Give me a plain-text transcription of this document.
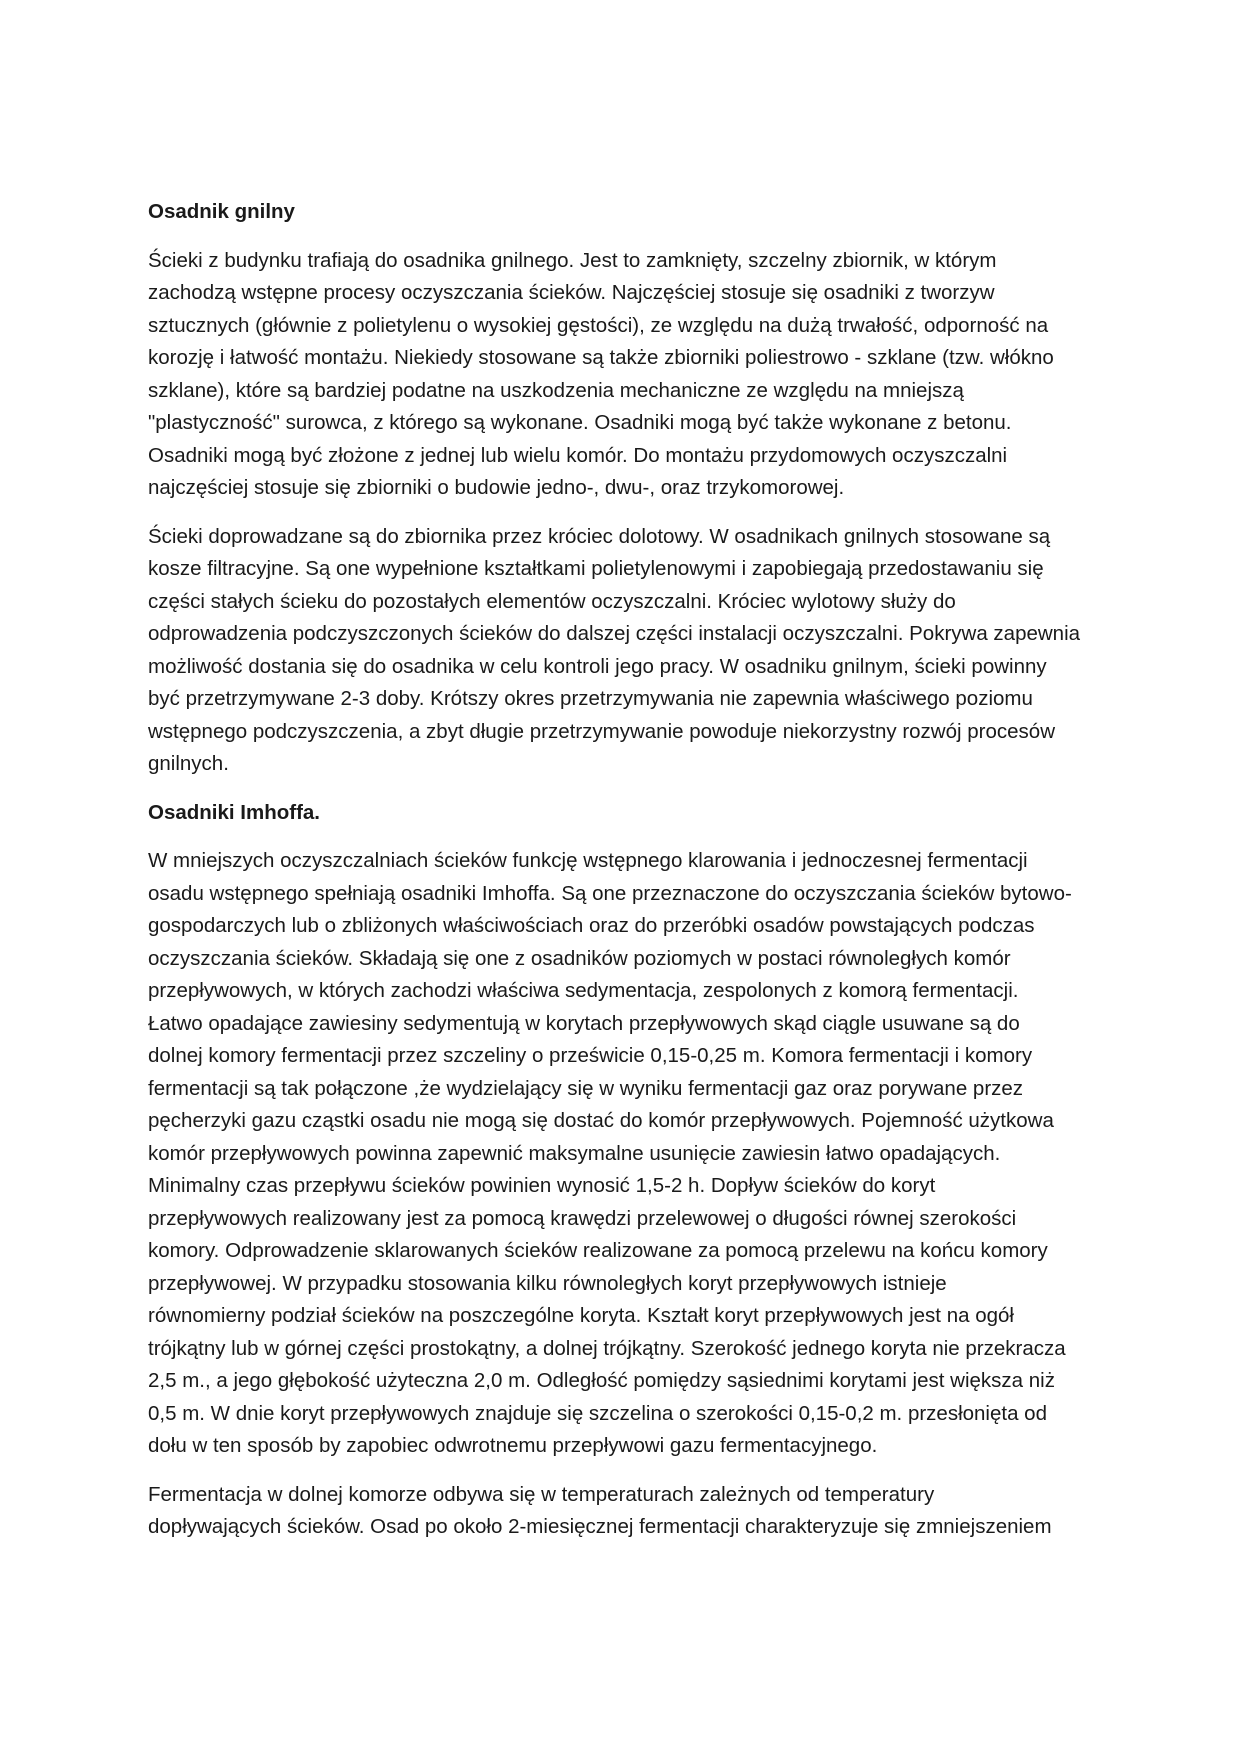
Osadnik gnilny
Ścieki z budynku trafiają do osadnika gnilnego. Jest to zamknięty, szczelny zbiornik, w którym
zachodzą wstępne procesy oczyszczania ścieków. Najczęściej stosuje się osadniki z tworzyw
sztucznych (głównie z polietylenu o wysokiej gęstości), ze względu na dużą trwałość, odporność na
korozję i łatwość montażu. Niekiedy stosowane są także zbiorniki poliestrowo - szklane (tzw. włókno
szklane), które są bardziej podatne na uszkodzenia mechaniczne ze względu na mniejszą
"plastyczność" surowca, z którego są wykonane. Osadniki mogą być także wykonane z betonu.
Osadniki mogą być złożone z jednej lub wielu komór. Do montażu przydomowych oczyszczalni
najczęściej stosuje się zbiorniki o budowie jedno-, dwu-, oraz trzykomorowej.
Ścieki doprowadzane są do zbiornika przez króciec dolotowy. W osadnikach gnilnych stosowane są
kosze filtracyjne. Są one wypełnione kształtkami polietylenowymi i zapobiegają przedostawaniu się
części stałych ścieku do pozostałych elementów oczyszczalni. Króciec wylotowy służy do
odprowadzenia podczyszczonych ścieków do dalszej części instalacji oczyszczalni. Pokrywa zapewnia
możliwość dostania się do osadnika w celu kontroli jego pracy. W osadniku gnilnym, ścieki powinny
być przetrzymywane 2-3 doby. Krótszy okres przetrzymywania nie zapewnia właściwego poziomu
wstępnego podczyszczenia, a zbyt długie przetrzymywanie powoduje niekorzystny rozwój procesów
gnilnych.
Osadniki Imhoffa.
W mniejszych oczyszczalniach ścieków funkcję wstępnego klarowania i jednoczesnej fermentacji
osadu wstępnego spełniają osadniki Imhoffa. Są one przeznaczone do oczyszczania ścieków bytowo-
gospodarczych lub o zbliżonych właściwościach oraz do przeróbki osadów powstających podczas
oczyszczania ścieków. Składają się one z osadników poziomych w postaci równoległych komór
przepływowych, w których zachodzi właściwa sedymentacja, zespolonych z komorą fermentacji.
Łatwo opadające zawiesiny sedymentują w korytach przepływowych skąd ciągle usuwane są do
dolnej komory fermentacji przez szczeliny o prześwicie 0,15-0,25 m. Komora fermentacji i komory
fermentacji są tak połączone ,że wydzielający się w wyniku fermentacji gaz oraz porywane przez
pęcherzyki gazu cząstki osadu nie mogą się dostać do komór przepływowych. Pojemność użytkowa
komór przepływowych powinna zapewnić maksymalne usunięcie zawiesin łatwo opadających.
Minimalny czas przepływu ścieków powinien wynosić 1,5-2 h. Dopływ ścieków do koryt
przepływowych realizowany jest za pomocą krawędzi przelewowej o długości równej szerokości
komory. Odprowadzenie sklarowanych ścieków realizowane za pomocą przelewu na końcu komory
przepływowej. W przypadku stosowania kilku równoległych koryt przepływowych istnieje
równomierny podział ścieków na poszczególne koryta. Kształt koryt przepływowych jest na ogół
trójkątny lub w górnej części prostokątny, a dolnej trójkątny. Szerokość jednego koryta nie przekracza
2,5 m., a jego głębokość użyteczna 2,0 m. Odległość pomiędzy sąsiednimi korytami jest większa niż
0,5 m. W dnie koryt przepływowych znajduje się szczelina o szerokości 0,15-0,2 m. przesłonięta od
dołu w ten sposób by zapobiec odwrotnemu przepływowi gazu fermentacyjnego.
Fermentacja w dolnej komorze odbywa się w temperaturach zależnych od temperatury
dopływających ścieków. Osad po około 2-miesięcznej fermentacji charakteryzuje się zmniejszeniem
